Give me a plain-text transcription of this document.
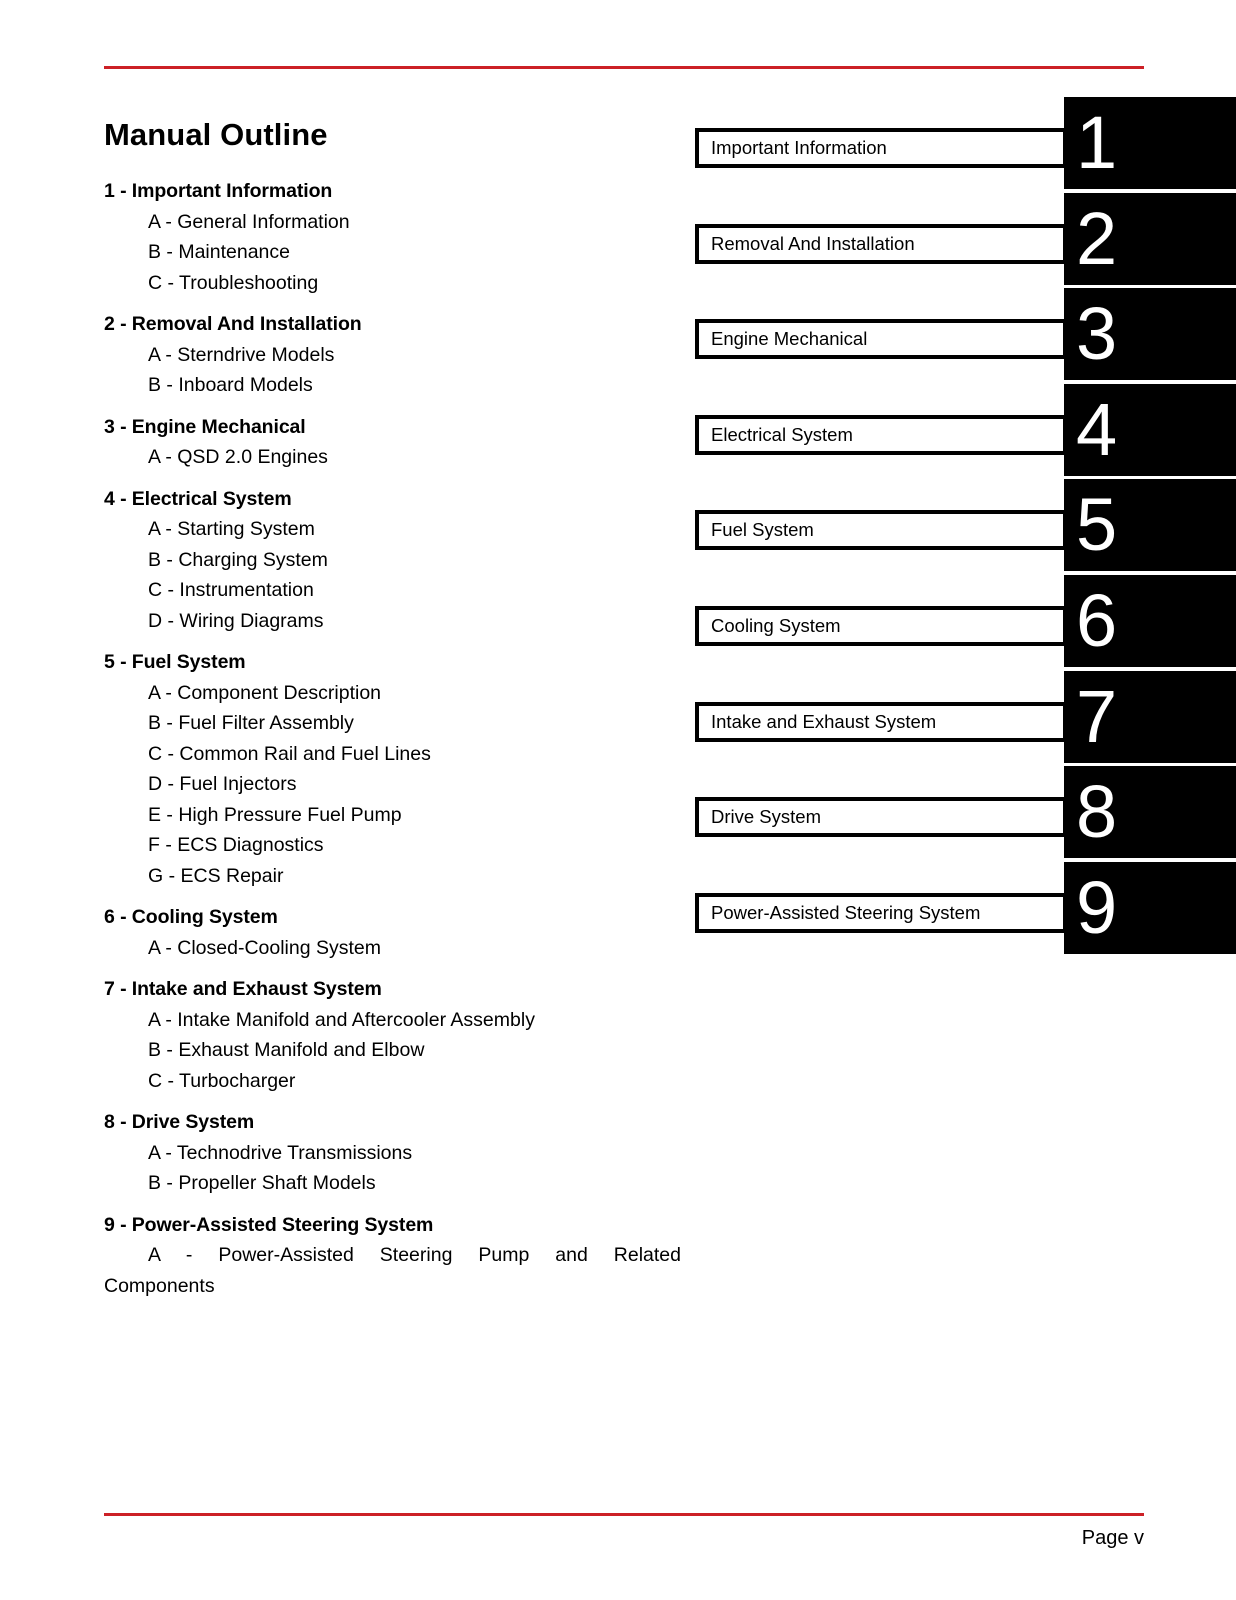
Manual Outline
1 - Important Information
A - General Information
B - Maintenance
C - Troubleshooting
2 - Removal And Installation
A - Sterndrive Models
B - Inboard Models
3 - Engine Mechanical
A - QSD 2.0 Engines
4 - Electrical System
A - Starting System
B - Charging System
C - Instrumentation
D - Wiring Diagrams
5 - Fuel System
A - Component Description
B - Fuel Filter Assembly
C - Common Rail and Fuel Lines
D - Fuel Injectors
E - High Pressure Fuel Pump
F - ECS Diagnostics
G - ECS Repair
6 - Cooling System
A - Closed-Cooling System
7 - Intake and Exhaust System
A - Intake Manifold and Aftercooler Assembly
B - Exhaust Manifold and Elbow
C - Turbocharger
8 - Drive System
A - Technodrive Transmissions
B - Propeller Shaft Models
9 - Power-Assisted Steering System
A - Power-Assisted Steering Pump and Related
Components
1
Important Information
2
Removal And Installation
3
Engine Mechanical
4
Electrical System
5
Fuel System
6
Cooling System
7
Intake and Exhaust System
8
Drive System
9
Power-Assisted Steering System
Page v
